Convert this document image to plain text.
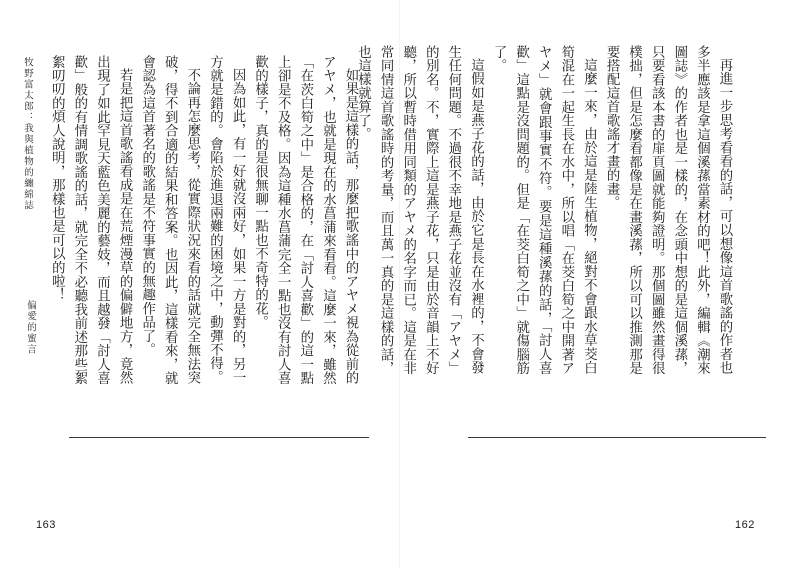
牧野富太郎：我與植物的纏綿誌
偏愛的蜜言	如果是這樣的話，那麼把歌謠中的アヤメ視為從前的アヤメ，也就是現在的水菖蒲來看看。這麼一來，雖然「在茨白筍之中」是合格的，在「討人喜歡」的這一點上卻是不及格。因為這種水菖蒲完全一點也沒有討人喜歡的樣子，真的是很無聊一點也不奇特的花。

因為如此，有一好就沒兩好，如果一方是對的，另一方就是錯的。會陷於進退兩難的困境之中，動彈不得。

不論再怎麼思考，從實際狀況來看的話就完全無法突破，得不到合適的結果和答案。也因此，這樣看來，就會認為這首著名的歌謠是不符事實的無趣作品了。

若是把這首歌謠看成是在荒煙漫草的偏僻地方，竟然出現了如此罕見天藍色美麗的藝妓，而且越發「討人喜歡」般的有情調歌謠的話，就完全不必聽我前述那些絮絮叨叨的煩人說明，那樣也是可以的啦！

163

再進一步思考看看的話，可以想像這首歌謠的作者也多半應該是拿這個溪蓀當素材的吧！此外，編輯《潮來圖誌》的作者也是一樣的，在念頭中想的是這個溪蓀，只要看該本書的扉頁圖就能夠證明。那個圖雖然畫得很樸拙，但是怎麼看都像是在畫溪蓀，所以可以推測那是要搭配這首歌謠才畫的畫。

這麼一來，由於這是陸生植物，絕對不會跟水草茭白筍混在一起生長在水中，所以唱「在茭白筍之中開著アヤメ」就會跟事實不符。要是這種溪蓀的話，「討人喜歡」這點是沒問題的。但是「在茭白筍之中」就傷腦筋了。

這假如是燕子花的話，由於它是長在水裡的，不會發生任何問題。不過很不幸地是燕子花並沒有「アヤメ」的別名。不，實際上這是燕子花，只是由於音韻上不好聽，所以暫時借用同類的アヤメ的名字而已。這是在非常同情這首歌謠時的考量，而且萬一真的是這樣的話，也這樣就算了。

162
